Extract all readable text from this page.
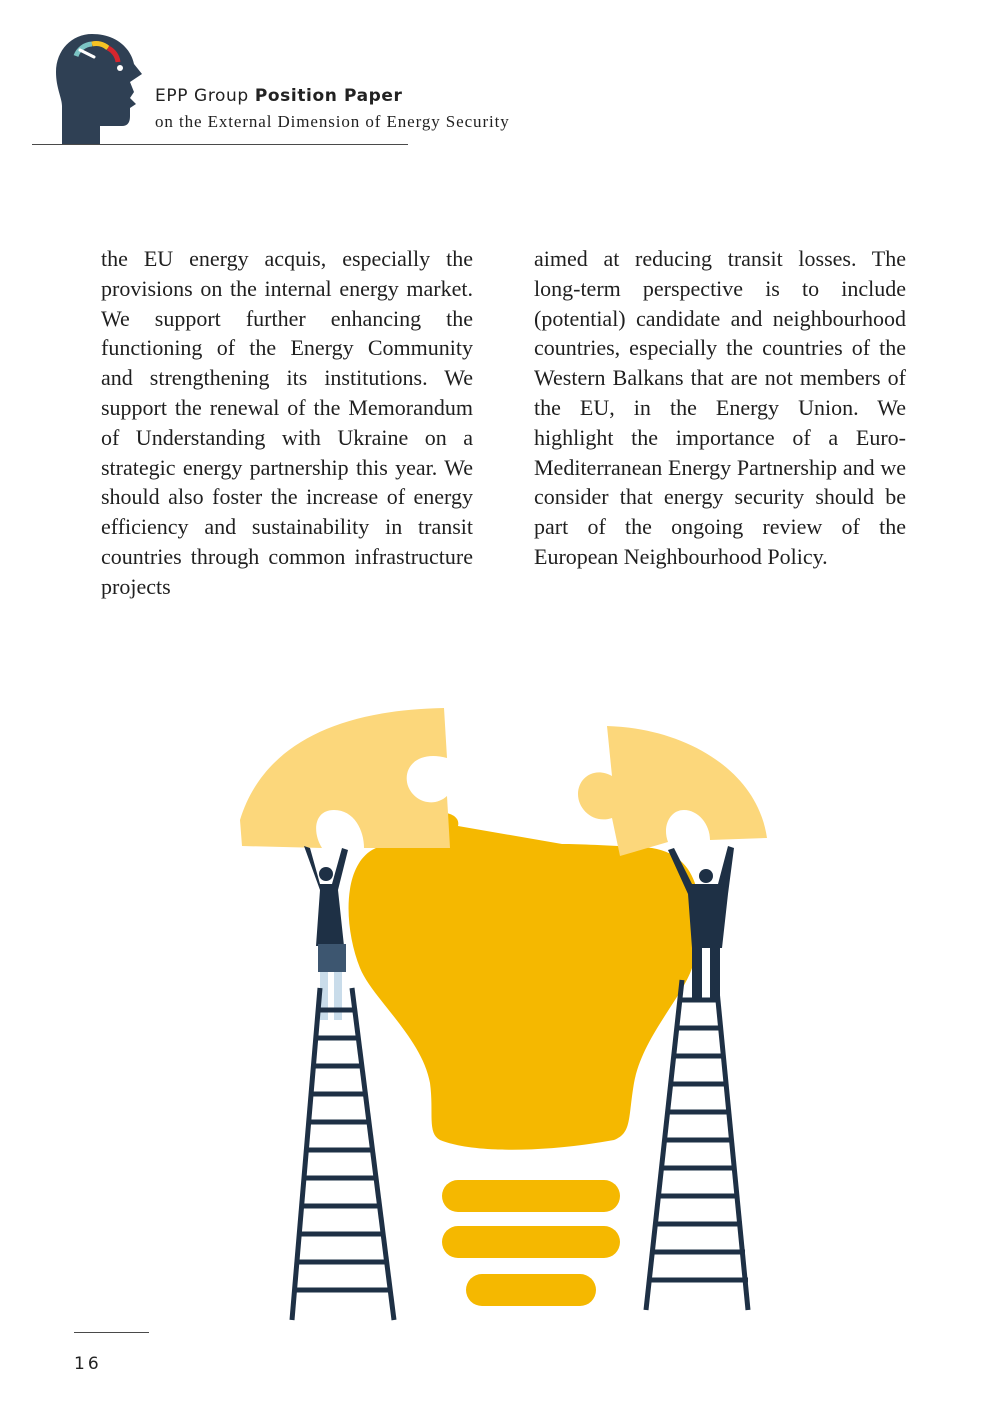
EPP Group Position Paper
on the External Dimension of Energy Security
the EU energy acquis, especially the provisions on the internal energy market. We support further enhancing the functioning of the Energy Community and strengthening its institutions. We support the renewal of the Memorandum of Understanding with Ukraine on a strategic energy partnership this year. We should also foster the increase of energy efficiency and sustainability in transit countries through common infrastructure projects
aimed at reducing transit losses. The long-term perspective is to include (potential) candidate and neighbourhood countries, especially the countries of the Western Balkans that are not members of the EU, in the Energy Union. We highlight the importance of a Euro-Mediterranean Energy Partnership and we consider that energy security should be part of the ongoing review of the European Neighbourhood Policy.
16
